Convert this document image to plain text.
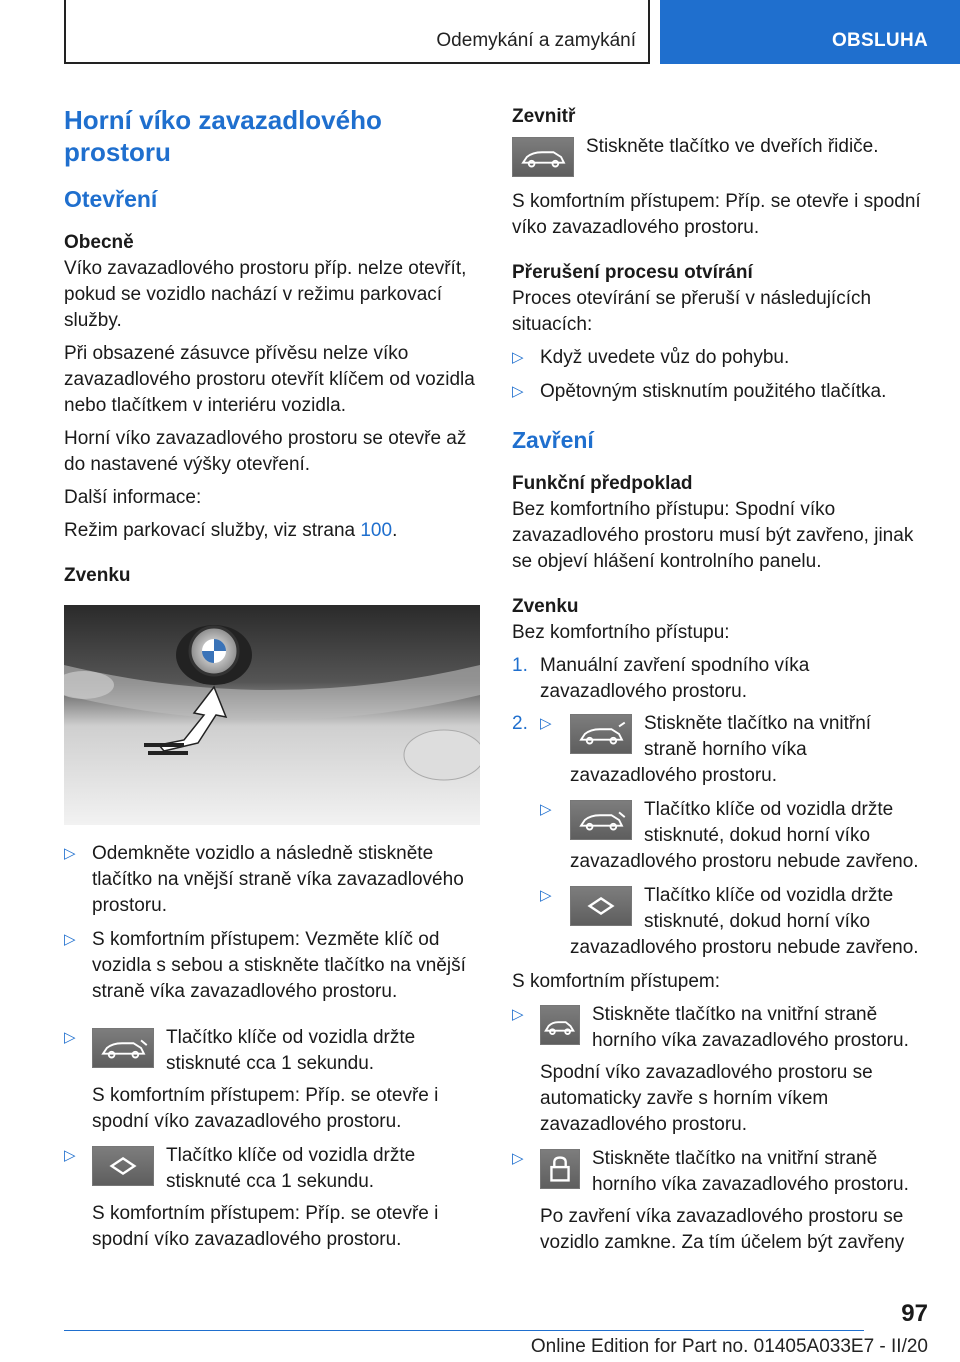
Odemykání a zamykání	OBSLUHA
Horní víko zavazadlového prostoru
Otevření
Obecně

Víko zavazadlového prostoru příp. nelze otevřít, pokud se vozidlo nachází v režimu parkovací služby.

Při obsazené zásuvce přívěsu nelze víko zavazadlového prostoru otevřít klíčem od vozidla nebo tlačítkem v interiéru vozidla.

Horní víko zavazadlového prostoru se otevře až do nastavené výšky otevření.

Další informace:

Režim parkovací služby, viz strana 100.

Zvenku
▷ Odemkněte vozidlo a následně stiskněte tlačítko na vnější straně víka zavazadlového prostoru.
▷ S komfortním přístupem: Vezměte klíč od vozidla s sebou a stiskněte tlačítko na vnější straně víka zavazadlového prostoru.
▷	Tlačítko klíče od vozidla držte stisknuté cca 1 sekundu.

S komfortním přístupem: Příp. se otevře i spodní víko zavazadlového prostoru.

▷	Tlačítko klíče od vozidla držte stisknuté cca 1 sekundu.

S komfortním přístupem: Příp. se otevře i spodní víko zavazadlového prostoru.

Zevnitř
Stiskněte tlačítko ve dveřích řidiče.

S komfortním přístupem: Příp. se otevře i spodní víko zavazadlového prostoru.

Přerušení procesu otvírání

Proces otevírání se přeruší v následujících situacích:

▷ Když uvedete vůz do pohybu.
▷ Opětovným stisknutím použitého tlačítka.
Zavření
Funkční předpoklad

Bez komfortního přístupu: Spodní víko zavazadlového prostoru musí být zavřeno, jinak se objeví hlášení kontrolního panelu.

Zvenku

Bez komfortního přístupu:

1. Manuální zavření spodního víka zavazadlového prostoru.
2. ▷	Stiskněte tlačítko na vnitřní straně horního víka zavazadlového prostoru.
▷	Tlačítko klíče od vozidla držte stisknuté, dokud horní víko zavazadlového prostoru nebude zavřeno.
▷	Tlačítko klíče od vozidla držte stisknuté, dokud horní víko zavazadlového prostoru nebude zavřeno.

S komfortním přístupem:

▷	Stiskněte tlačítko na vnitřní straně horního víka zavazadlového prostoru.

Spodní víko zavazadlového prostoru se automaticky zavře s horním víkem zavazadlového prostoru.

▷	Stiskněte tlačítko na vnitřní straně horního víka zavazadlového prostoru.

Po zavření víka zavazadlového prostoru se vozidlo zamkne. Za tím účelem být zavřeny

97
Online Edition for Part no. 01405A033E7 - II/20
